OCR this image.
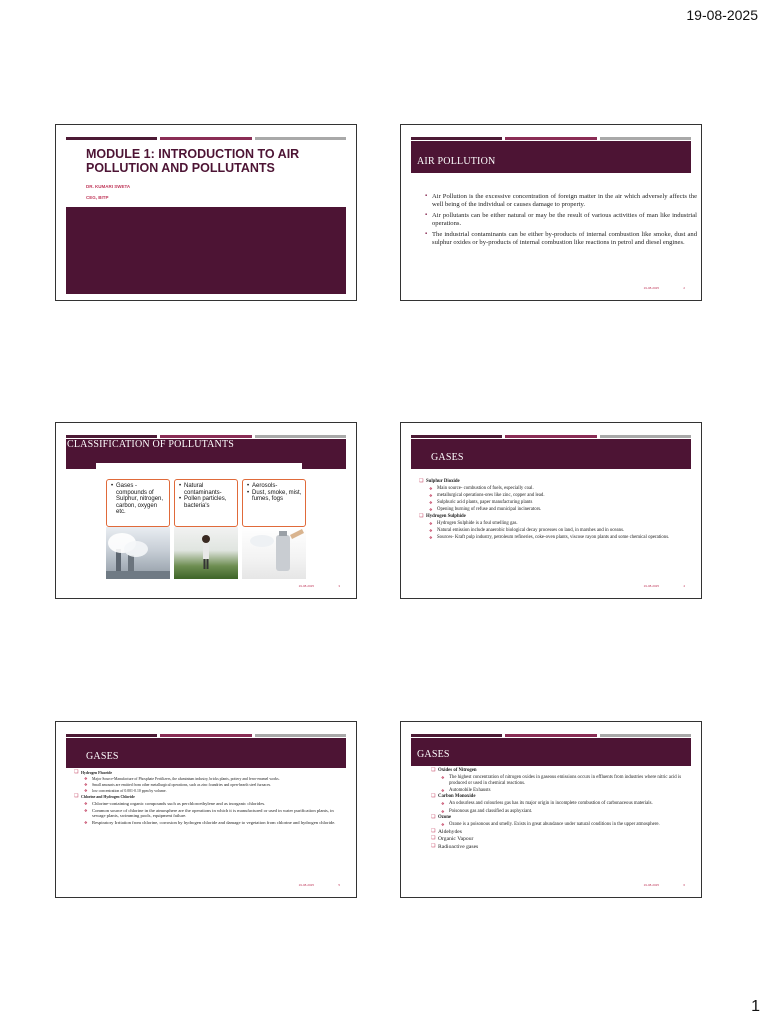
19-08-2025
MODULE 1: INTRODUCTION TO AIR POLLUTION AND POLLUTANTS
DR. KUMARI SWETA
CEG, BITP
AIR POLLUTION
▪ Air Pollution is the excessive concentration of foreign matter in the air which adversely affects the well being of the individual or causes damage to property.
▪ Air pollutants can be either natural or may be the result of various activities of man like industrial operations.
▪ The industrial contaminants can be either by-products of internal combustion like smoke, dust and sulphur oxides or by-products of internal combustion like reactions in petrol and diesel engines.
19-08-2025	2
CLASSIFICATION OF POLLUTANTS
• Gases - compounds of Sulphur, nitrogen, carbon, oxygen etc.
• Natural contaminants-
• Pollen particles, bacteria's
• Aerosols-
• Dust, smoke, mist, fumes, fogs
19-08-2025	3
GASES
❏ Sulphur Dioxide
❖ Main source- combustion of fuels, especially coal.
❖ metallurgical operations-ores like zinc, copper and lead.
❖ Sulphuric acid plants, paper manufacturing plants
❖ Opening burning of refuse and municipal incinerators.
❏ Hydrogen Sulphide
❖ Hydrogen Sulphide is a foul smelling gas.
❖ Natural emission include anaerobic biological decay processes on land, in marshes and in oceans.
❖ Sources- Kraft pulp industry, petroleum refineries, coke-oven plants, viscose rayon plants and some chemical operations.
19-08-2025	4
GASES
❏ Hydrogen Fluoride
❖ Major Source-Manufacture of Phosphate Fertilizers, the aluminium industry, bricks plants, pottery and ferro-enamel works.
❖ Small amounts are emitted from other metallurgical operations, such as zinc foundries and open-hearth steel furnaces.
❖ low concentration of 0.001-0.10 ppm by volume.
❏ Chlorine and Hydrogen Chloride
❖ Chlorine-containing organic compounds such as perchloroethylene and as inorganic chlorides.
❖ Common source of chlorine in the atmosphere are the operations in which it is manufactured or used in water purification plants, in sewage plants, swimming pools, equipment failure.
❖ Respiratory Irritation from chlorine, corrosion by hydrogen chloride and damage to vegetation from chlorine and hydrogen chloride.
19-08-2025	5
GASES
❏ Oxides of Nitrogen
❖ The highest concentration of nitrogen oxides in gaseous emissions occurs in effluents from industries where nitric acid is produced or used in chemical reactions.
❖ Automobile Exhausts
❏ Carbon Monoxide
❖ An odourless and colourless gas has its major origin in incomplete combustion of carbonaceous materials.
❖ Poisonous gas and classified as asphyxiant.
❏ Ozone
❖ Ozone is a poisonous and smelly. Exists in great abundance under natural conditions in the upper atmosphere.
❏ Aldehydes
❏ Organic Vapour
❏ Radioactive gases
19-08-2025	6
1
